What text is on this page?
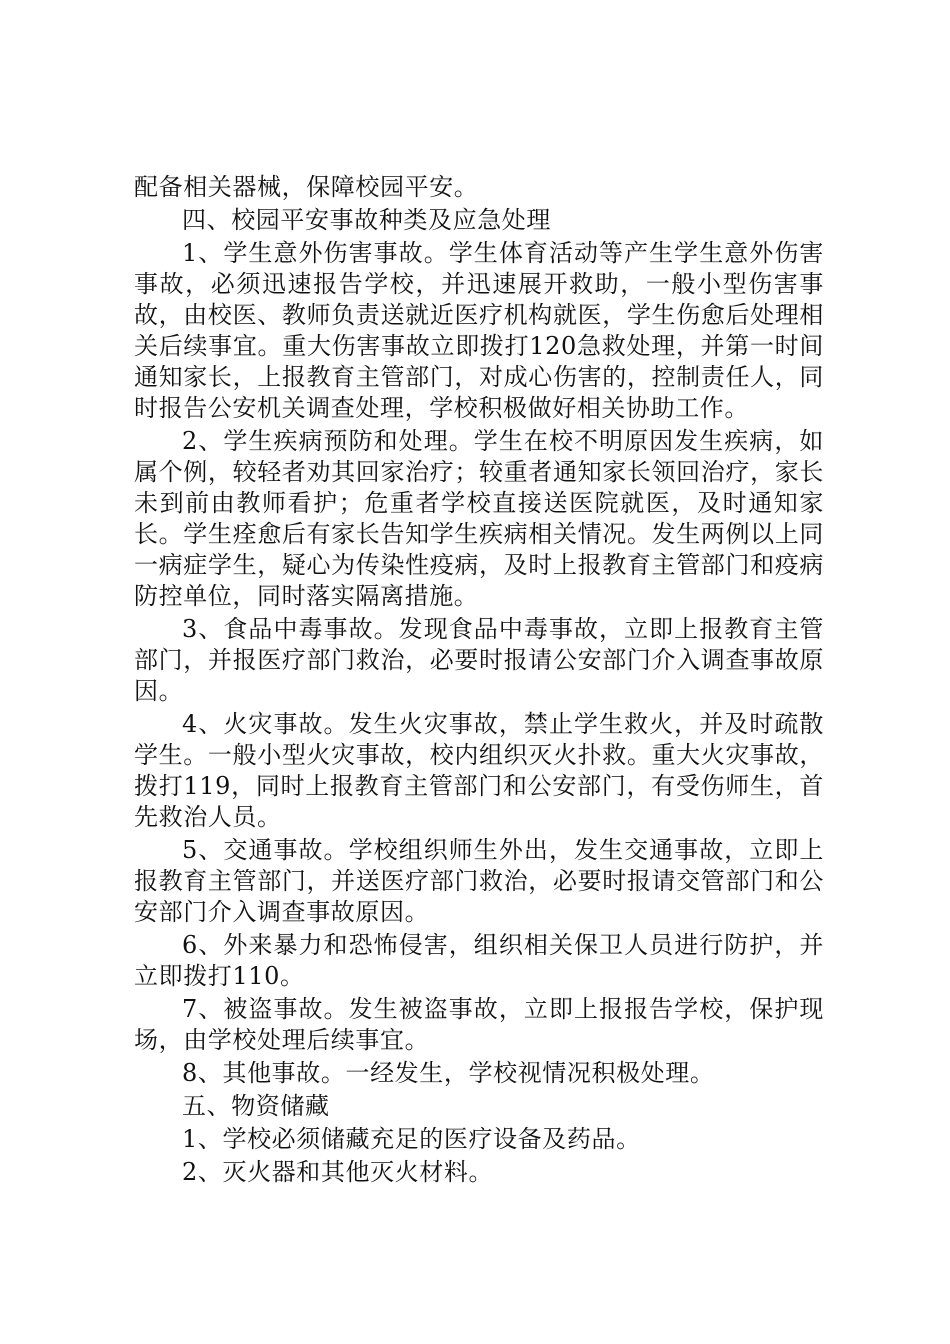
配备相关器械，保障校园平安。

四、校园平安事故种类及应急处理

1、学生意外伤害事故。学生体育活动等产生学生意外伤害事故，必须迅速报告学校，并迅速展开救助，一般小型伤害事故，由校医、教师负责送就近医疗机构就医，学生伤愈后处理相关后续事宜。重大伤害事故立即拨打120急救处理，并第一时间通知家长，上报教育主管部门，对成心伤害的，控制责任人，同时报告公安机关调查处理，学校积极做好相关协助工作。

2、学生疾病预防和处理。学生在校不明原因发生疾病，如属个例，较轻者劝其回家治疗；较重者通知家长领回治疗，家长未到前由教师看护；危重者学校直接送医院就医，及时通知家长。学生痊愈后有家长告知学生疾病相关情况。发生两例以上同一病症学生，疑心为传染性疫病，及时上报教育主管部门和疫病防控单位，同时落实隔离措施。

3、食品中毒事故。发现食品中毒事故，立即上报教育主管部门，并报医疗部门救治，必要时报请公安部门介入调查事故原因。

4、火灾事故。发生火灾事故，禁止学生救火，并及时疏散学生。一般小型火灾事故，校内组织灭火扑救。重大火灾事故，拨打119，同时上报教育主管部门和公安部门，有受伤师生，首先救治人员。

5、交通事故。学校组织师生外出，发生交通事故，立即上报教育主管部门，并送医疗部门救治，必要时报请交管部门和公安部门介入调查事故原因。

6、外来暴力和恐怖侵害，组织相关保卫人员进行防护，并立即拨打110。

7、被盗事故。发生被盗事故，立即上报报告学校，保护现场，由学校处理后续事宜。

8、其他事故。一经发生，学校视情况积极处理。

五、物资储藏

1、学校必须储藏充足的医疗设备及药品。

2、灭火器和其他灭火材料。
